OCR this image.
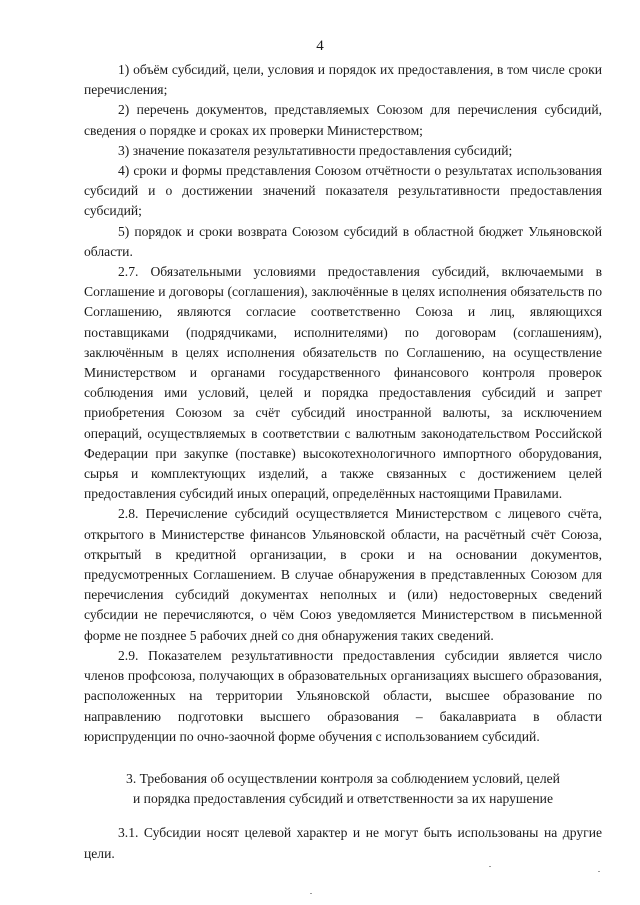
4

1) объём субсидий, цели, условия и порядок их предоставления, в том числе сроки перечисления;

2) перечень документов, представляемых Союзом для перечисления субсидий, сведения о порядке и сроках их проверки Министерством;

3) значение показателя результативности предоставления субсидий;

4) сроки и формы представления Союзом отчётности о результатах использования субсидий и о достижении значений показателя результативности предоставления субсидий;

5) порядок и сроки возврата Союзом субсидий в областной бюджет Ульяновской области.

2.7. Обязательными условиями предоставления субсидий, включаемыми в Соглашение и договоры (соглашения), заключённые в целях исполнения обязательств по Соглашению, являются согласие соответственно Союза и лиц, являющихся поставщиками (подрядчиками, исполнителями) по договорам (соглашениям), заключённым в целях исполнения обязательств по Соглашению, на осуществление Министерством и органами государственного финансового контроля проверок соблюдения ими условий, целей и порядка предоставления субсидий и запрет приобретения Союзом за счёт субсидий иностранной валюты, за исключением операций, осуществляемых в соответствии с валютным законодательством Российской Федерации при закупке (поставке) высокотехнологичного импортного оборудования, сырья и комплектующих изделий, а также связанных с достижением целей предоставления субсидий иных операций, определённых настоящими Правилами.

2.8. Перечисление субсидий осуществляется Министерством с лицевого счёта, открытого в Министерстве финансов Ульяновской области, на расчётный счёт Союза, открытый в кредитной организации, в сроки и на основании документов, предусмотренных Соглашением. В случае обнаружения в представленных Союзом для перечисления субсидий документах неполных и (или) недостоверных сведений субсидии не перечисляются, о чём Союз уведомляется Министерством в письменной форме не позднее 5 рабочих дней со дня обнаружения таких сведений.

2.9. Показателем результативности предоставления субсидии является число членов профсоюза, получающих в образовательных организациях высшего образования, расположенных на территории Ульяновской области, высшее образование по направлению подготовки высшего образования – бакалавриата в области юриспруденции по очно-заочной форме обучения с использованием субсидий.

3. Требования об осуществлении контроля за соблюдением условий, целей
и порядка предоставления субсидий и ответственности за их нарушение

3.1. Субсидии носят целевой характер и не могут быть использованы на другие цели.
